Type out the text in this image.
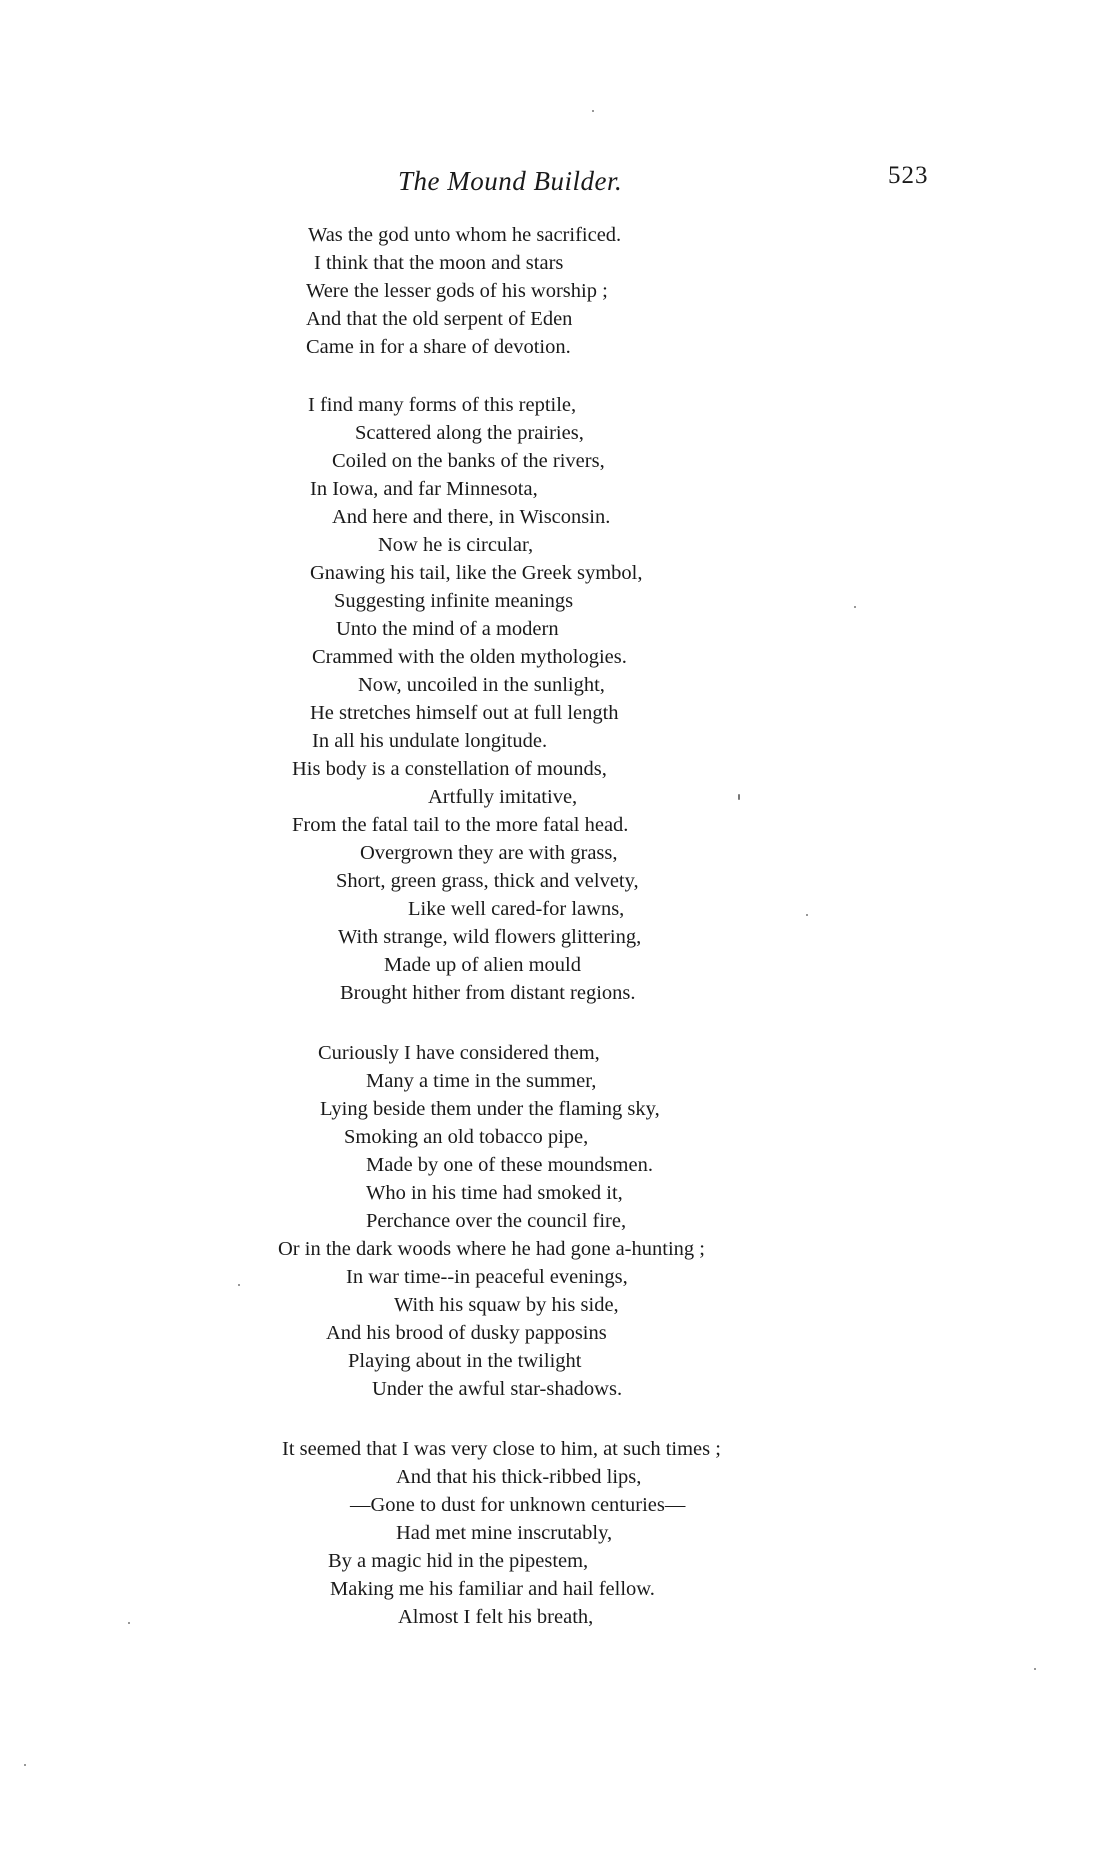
The Mound Builder.	523
Was the god unto whom he sacrificed.
I think that the moon and stars
Were the lesser gods of his worship ;
And that the old serpent of Eden
Came in for a share of devotion.
I find many forms of this reptile,
Scattered along the prairies,
Coiled on the banks of the rivers,
In Iowa, and far Minnesota,
And here and there, in Wisconsin.
Now he is circular,
Gnawing his tail, like the Greek symbol,
Suggesting infinite meanings
Unto the mind of a modern
Crammed with the olden mythologies.
Now, uncoiled in the sunlight,
He stretches himself out at full length
In all his undulate longitude.
His body is a constellation of mounds,
Artfully imitative,
From the fatal tail to the more fatal head.
Overgrown they are with grass,
Short, green grass, thick and velvety,
Like well cared-for lawns,
With strange, wild flowers glittering,
Made up of alien mould
Brought hither from distant regions.
Curiously I have considered them,
Many a time in the summer,
Lying beside them under the flaming sky,
Smoking an old tobacco pipe,
Made by one of these moundsmen.
Who in his time had smoked it,
Perchance over the council fire,
Or in the dark woods where he had gone a-hunting ;
In war time--in peaceful evenings,
With his squaw by his side,
And his brood of dusky papposins
Playing about in the twilight
Under the awful star-shadows.
It seemed that I was very close to him, at such times ;
And that his thick-ribbed lips,
—Gone to dust for unknown centuries—
Had met mine inscrutably,
By a magic hid in the pipestem,
Making me his familiar and hail fellow.
Almost I felt his breath,
